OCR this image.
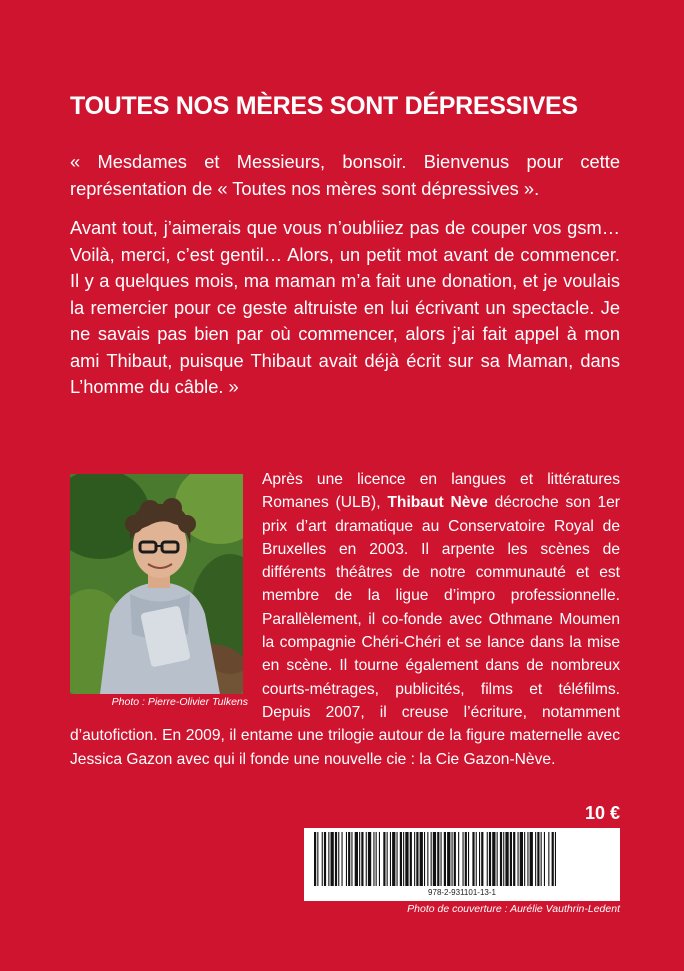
TOUTES NOS MÈRES SONT DÉPRESSIVES

« Mesdames et Messieurs, bonsoir. Bienvenus pour cette représentation de « Toutes nos mères sont dépressives ».

Avant tout, j’aimerais que vous n’oubliiez pas de couper vos gsm… Voilà, merci, c’est gentil… Alors, un petit mot avant de commencer. Il y a quelques mois, ma maman m’a fait une donation, et je voulais la remercier pour ce geste altruiste en lui écrivant un spectacle. Je ne savais pas bien par où commencer, alors j’ai fait appel à mon ami Thibaut, puisque Thibaut avait déjà écrit sur sa Maman, dans L’homme du câble. »

Photo : Pierre-Olivier Tulkens

Après une licence en langues et littératures Romanes (ULB), Thibaut Nève décroche son 1er prix d’art dramatique au Conservatoire Royal de Bruxelles en 2003. Il arpente les scènes de différents théâtres de notre communauté et est membre de la ligue d’impro professionnelle. Parallèlement, il co-fonde avec Othmane Moumen la compagnie Chéri-Chéri et se lance dans la mise en scène. Il tourne également dans de nombreux courts-métrages, publicités, films et téléfilms. Depuis 2007, il creuse l’écriture, notamment d’autofiction. En 2009, il entame une trilogie autour de la figure maternelle avec Jessica Gazon avec qui il fonde une nouvelle cie : la Cie Gazon-Nève.

10 €

978-2-931101-13-1

Photo de couverture : Aurélie Vauthrin-Ledent
